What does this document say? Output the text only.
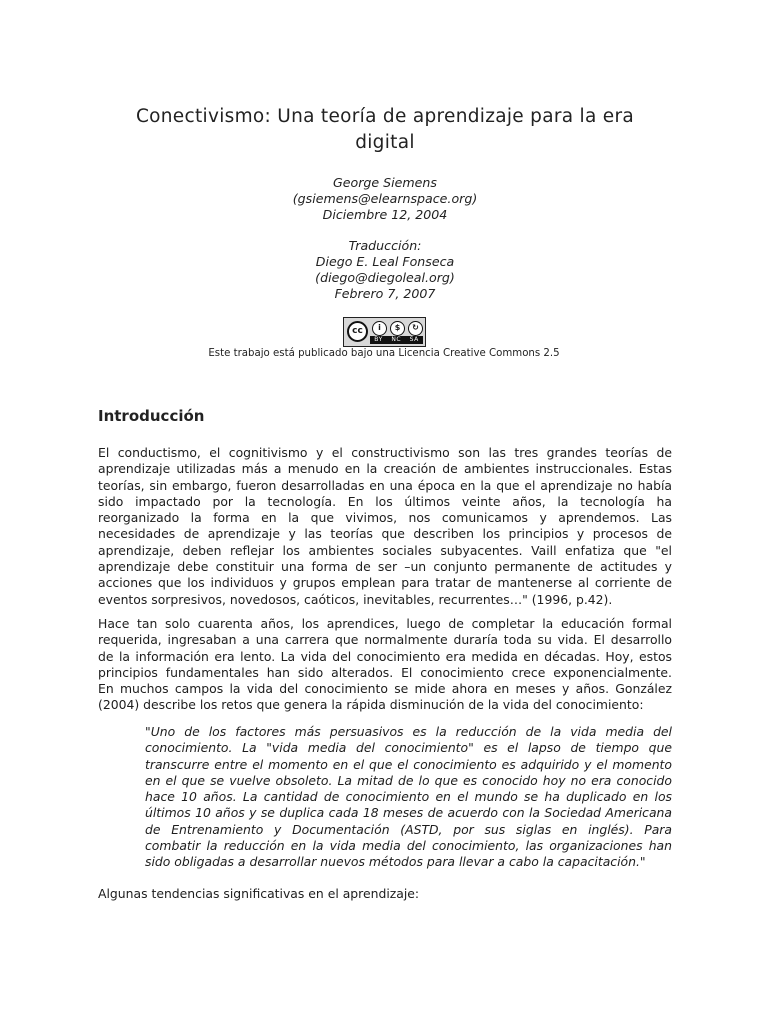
Conectivismo: Una teoría de aprendizaje para la era
digital
George Siemens
(gsiemens@elearnspace.org)
Diciembre 12, 2004
Traducción:
Diego E. Leal Fonseca
(diego@diegoleal.org)
Febrero 7, 2007
cc	i	$	↻
BY NC SA
Este trabajo está publicado bajo una Licencia Creative Commons 2.5
Introducción
El conductismo, el cognitivismo y el constructivismo son las tres grandes teorías de
aprendizaje utilizadas más a menudo en la creación de ambientes instruccionales. Estas
teorías, sin embargo, fueron desarrolladas en una época en la que el aprendizaje no había
sido impactado por la tecnología. En los últimos veinte años, la tecnología ha
reorganizado la forma en la que vivimos, nos comunicamos y aprendemos. Las
necesidades de aprendizaje y las teorías que describen los principios y procesos de
aprendizaje, deben reflejar los ambientes sociales subyacentes. Vaill enfatiza que "el
aprendizaje debe constituir una forma de ser –un conjunto permanente de actitudes y
acciones que los individuos y grupos emplean para tratar de mantenerse al corriente de
eventos sorpresivos, novedosos, caóticos, inevitables, recurrentes…" (1996, p.42).
Hace tan solo cuarenta años, los aprendices, luego de completar la educación formal
requerida, ingresaban a una carrera que normalmente duraría toda su vida. El desarrollo
de la información era lento. La vida del conocimiento era medida en décadas. Hoy, estos
principios fundamentales han sido alterados. El conocimiento crece exponencialmente.
En muchos campos la vida del conocimiento se mide ahora en meses y años. González
(2004) describe los retos que genera la rápida disminución de la vida del conocimiento:
"Uno de los factores más persuasivos es la reducción de la vida media del
conocimiento. La "vida media del conocimiento" es el lapso de tiempo que
transcurre entre el momento en el que el conocimiento es adquirido y el momento
en el que se vuelve obsoleto. La mitad de lo que es conocido hoy no era conocido
hace 10 años. La cantidad de conocimiento en el mundo se ha duplicado en los
últimos 10 años y se duplica cada 18 meses de acuerdo con la Sociedad Americana
de Entrenamiento y Documentación (ASTD, por sus siglas en inglés). Para
combatir la reducción en la vida media del conocimiento, las organizaciones han
sido obligadas a desarrollar nuevos métodos para llevar a cabo la capacitación."
Algunas tendencias significativas en el aprendizaje:
